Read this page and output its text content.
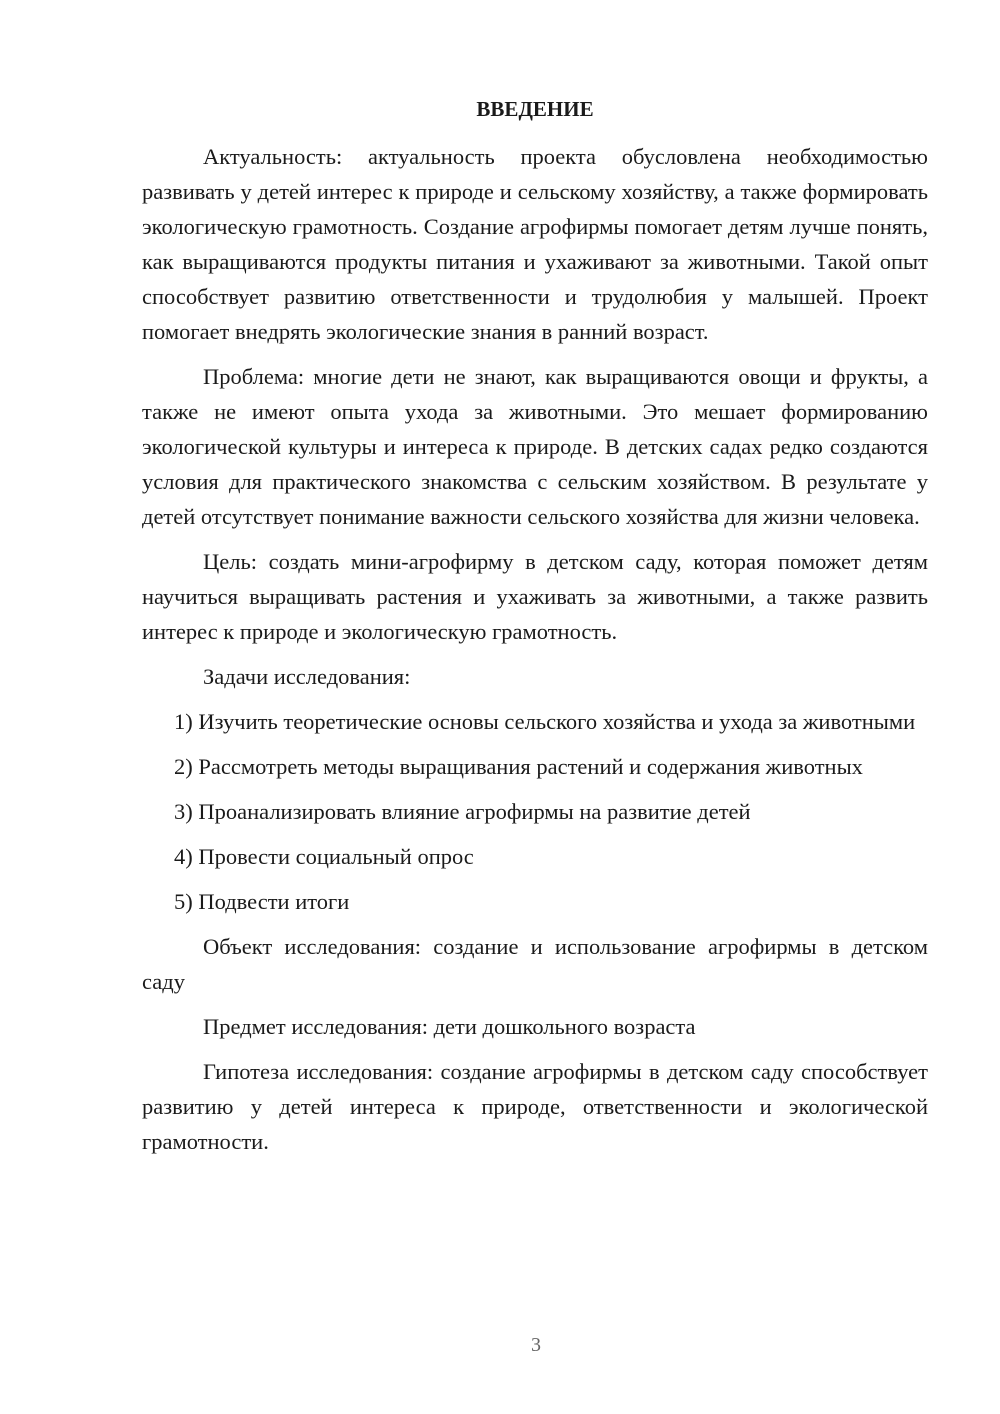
ВВЕДЕНИЕ

Актуальность: актуальность проекта обусловлена необходимостью развивать у детей интерес к природе и сельскому хозяйству, а также формировать экологическую грамотность. Создание агрофирмы помогает детям лучше понять, как выращиваются продукты питания и ухаживают за животными. Такой опыт способствует развитию ответственности и трудолюбия у малышей. Проект помогает внедрять экологические знания в ранний возраст.

Проблема: многие дети не знают, как выращиваются овощи и фрукты, а также не имеют опыта ухода за животными. Это мешает формированию экологической культуры и интереса к природе. В детских садах редко создаются условия для практического знакомства с сельским хозяйством. В результате у детей отсутствует понимание важности сельского хозяйства для жизни человека.

Цель: создать мини-агрофирму в детском саду, которая поможет детям научиться выращивать растения и ухаживать за животными, а также развить интерес к природе и экологическую грамотность.

Задачи исследования:

1) Изучить теоретические основы сельского хозяйства и ухода за животными

2) Рассмотреть методы выращивания растений и содержания животных

3) Проанализировать влияние агрофирмы на развитие детей

4) Провести социальный опрос

5) Подвести итоги

Объект исследования: создание и использование агрофирмы в детском саду

Предмет исследования: дети дошкольного возраста

Гипотеза исследования: создание агрофирмы в детском саду способствует развитию у детей интереса к природе, ответственности и экологической грамотности.

3
